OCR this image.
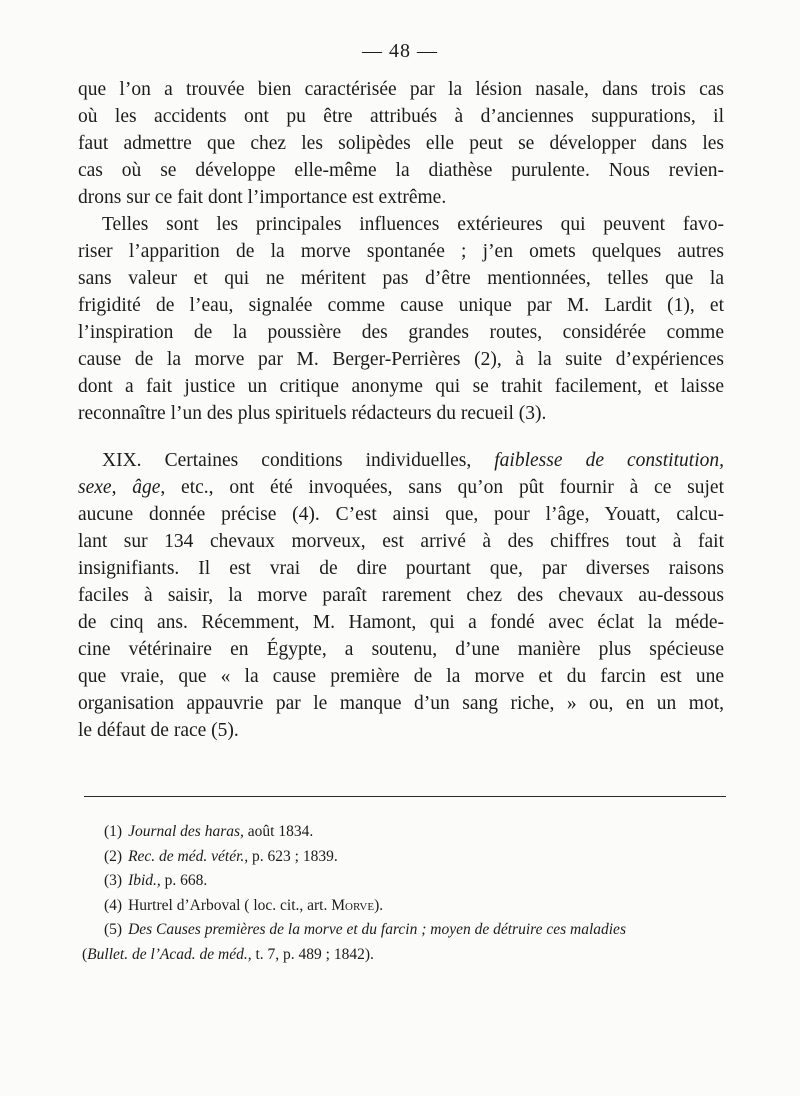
— 48 —
que l’on a trouvée bien caractérisée par la lésion nasale, dans trois cas
où les accidents ont pu être attribués à d’anciennes suppurations, il
faut admettre que chez les solipèdes elle peut se développer dans les
cas où se développe elle-même la diathèse purulente. Nous revien-
drons sur ce fait dont l’importance est extrême.
Telles sont les principales influences extérieures qui peuvent favo-
riser l’apparition de la morve spontanée ; j’en omets quelques autres
sans valeur et qui ne méritent pas d’être mentionnées, telles que la
frigidité de l’eau, signalée comme cause unique par M. Lardit (1), et
l’inspiration de la poussière des grandes routes, considérée comme
cause de la morve par M. Berger-Perrières (2), à la suite d’expériences
dont a fait justice un critique anonyme qui se trahit facilement, et laisse
reconnaître l’un des plus spirituels rédacteurs du recueil (3).
XIX. Certaines conditions individuelles, faiblesse de constitution,
sexe, âge, etc., ont été invoquées, sans qu’on pût fournir à ce sujet
aucune donnée précise (4). C’est ainsi que, pour l’âge, Youatt, calcu-
lant sur 134 chevaux morveux, est arrivé à des chiffres tout à fait
insignifiants. Il est vrai de dire pourtant que, par diverses raisons
faciles à saisir, la morve paraît rarement chez des chevaux au-dessous
de cinq ans. Récemment, M. Hamont, qui a fondé avec éclat la méde-
cine vétérinaire en Égypte, a soutenu, d’une manière plus spécieuse
que vraie, que « la cause première de la morve et du farcin est une
organisation appauvrie par le manque d’un sang riche, » ou, en un mot,
le défaut de race (5).
(1) Journal des haras, août 1834.
(2) Rec. de méd. vétér., p. 623 ; 1839.
(3) Ibid., p. 668.
(4) Hurtrel d’Arboval ( loc. cit., art. Morve).
(5) Des Causes premières de la morve et du farcin ; moyen de détruire ces maladies
(Bullet. de l’Acad. de méd., t. 7, p. 489 ; 1842).
